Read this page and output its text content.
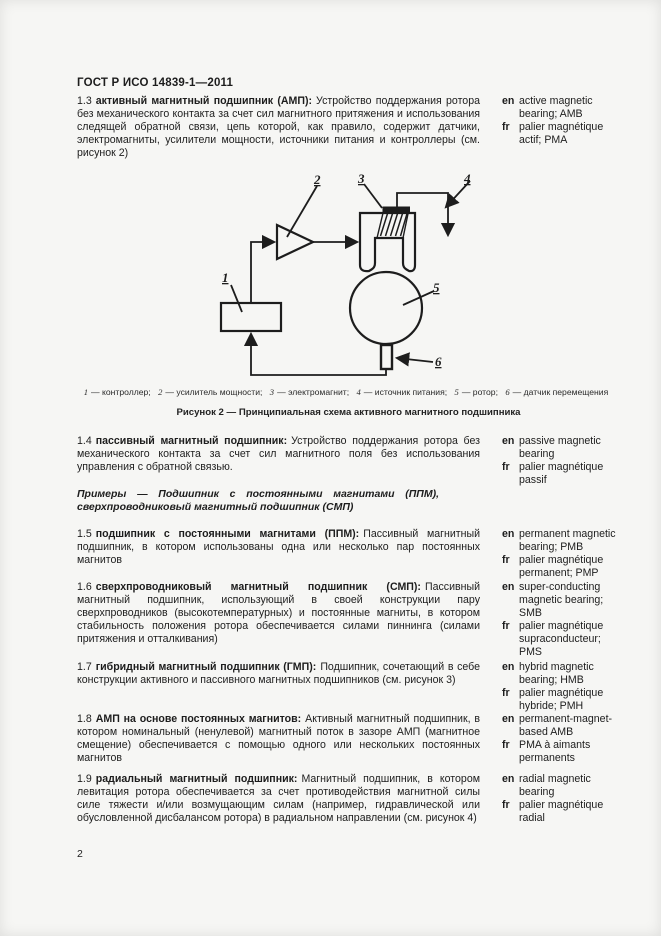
ГОСТ Р ИСО 14839-1—2011
1.3 активный магнитный подшипник (АМП): Устройство поддержания ротора без механического контакта за счет сил магнитного притяжения и использования следящей обратной связи, цепь которой, как правило, содержит датчики, электромагниты, усилители мощности, источники питания и контроллеры (см. рисунок 2)
en active magnetic bearing; AMB
fr palier magnétique actif; PMA
1
2	3	4
5
6
1 — контроллер; 2 — усилитель мощности; 3 — электромагнит; 4 — источник питания; 5 — ротор; 6 — датчик перемещения
Рисунок 2 — Принципиальная схема активного магнитного подшипника
1.4 пассивный магнитный подшипник: Устройство поддержания ротора без механического контакта за счет сил магнитного поля без использования управления с обратной связью.
en passive magnetic bearing
fr palier magnétique passif
Примеры — Подшипник с постоянными магнитами (ППМ), сверхпроводниковый магнитный подшипник (СМП)
1.5 подшипник с постоянными магнитами (ППМ): Пассивный магнитный подшипник, в котором использованы одна или несколько пар постоянных магнитов
en permanent magnetic bearing; PMB
fr palier magnétique permanent; PMP
1.6 сверхпроводниковый магнитный подшипник (СМП): Пассивный магнитный подшипник, использующий в своей конструкции пару сверхпроводников (высокотемпературных) и постоянные магниты, в котором стабильность положения ротора обеспечивается силами пиннинга (силами притяжения и отталкивания)
en super-conducting magnetic bearing; SMB
fr palier magnétique supraconducteur; PMS
1.7 гибридный магнитный подшипник (ГМП): Подшипник, сочетающий в себе конструкции активного и пассивного магнитных подшипников (см. рисунок 3)
en hybrid magnetic bearing; HMB
fr palier magnétique hybride; PMH
1.8 АМП на основе постоянных магнитов: Активный магнитный подшипник, в котором номинальный (ненулевой) магнитный поток в зазоре АМП (магнитное смещение) обеспечивается с помощью одного или нескольких постоянных магнитов
en permanent-magnet-based AMB
fr PMA à aimants permanents
1.9 радиальный магнитный подшипник: Магнитный подшипник, в котором левитация ротора обеспечивается за счет противодействия магнитной силы силе тяжести и/или возмущающим силам (например, гидравлической или обусловленной дисбалансом ротора) в радиальном направлении (см. рисунок 4)
en radial magnetic bearing
fr palier magnétique radial
2
